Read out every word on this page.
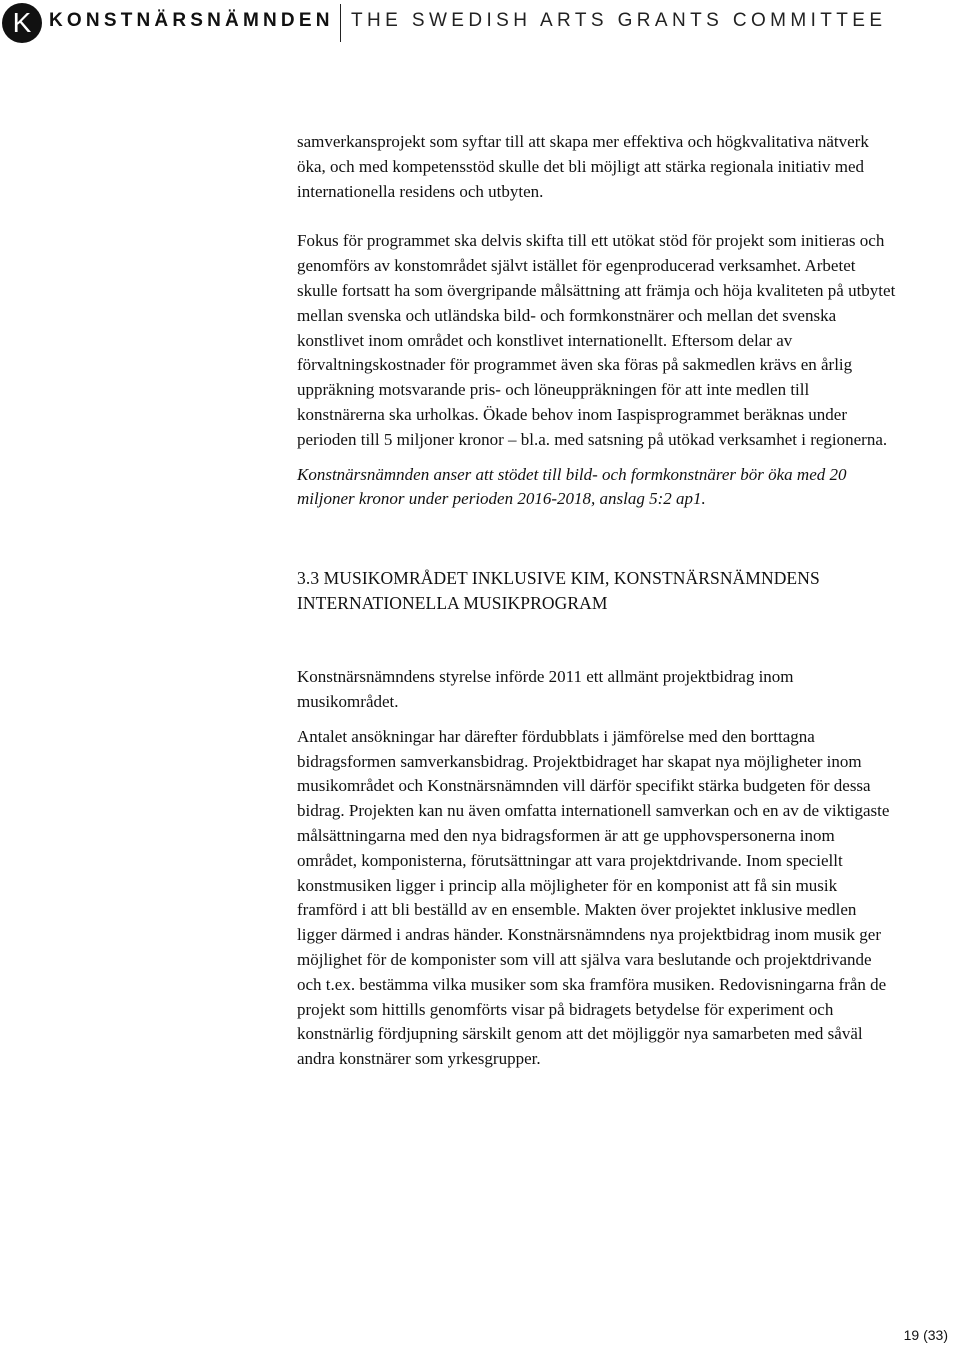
K KONSTNÄRSNÄMNDEN THE SWEDISH ARTS GRANTS COMMITTEE

samverkansprojekt som syftar till att skapa mer effektiva och högkvalitativa nätverk öka, och med kompetensstöd skulle det bli möjligt att stärka regionala initiativ med internationella residens och utbyten.

Fokus för programmet ska delvis skifta till ett utökat stöd för projekt som initieras och genomförs av konstområdet självt istället för egenproducerad verksamhet. Arbetet skulle fortsatt ha som övergripande målsättning att främja och höja kvaliteten på utbytet mellan svenska och utländska bild- och formkonstnärer och mellan det svenska konstlivet inom området och konstlivet internationellt. Eftersom delar av förvaltningskostnader för programmet även ska föras på sakmedlen krävs en årlig uppräkning motsvarande pris- och löneuppräkningen för att inte medlen till konstnärerna ska urholkas. Ökade behov inom Iaspisprogrammet beräknas under perioden till 5 miljoner kronor – bl.a. med satsning på utökad verksamhet i regionerna.

Konstnärsnämnden anser att stödet till bild- och formkonstnärer bör öka med 20 miljoner kronor under perioden 2016-2018, anslag 5:2 ap1.

3.3 MUSIKOMRÅDET INKLUSIVE KIM, KONSTNÄRSNÄMNDENS INTERNATIONELLA MUSIKPROGRAM

Konstnärsnämndens styrelse införde 2011 ett allmänt projektbidrag inom musikområdet.

Antalet ansökningar har därefter fördubblats i jämförelse med den borttagna bidragsformen samverkansbidrag. Projektbidraget har skapat nya möjligheter inom musikområdet och Konstnärsnämnden vill därför specifikt stärka budgeten för dessa bidrag. Projekten kan nu även omfatta internationell samverkan och en av de viktigaste målsättningarna med den nya bidragsformen är att ge upphovspersonerna inom området, komponisterna, förutsättningar att vara projektdrivande. Inom speciellt konstmusiken ligger i princip alla möjligheter för en komponist att få sin musik framförd i att bli beställd av en ensemble. Makten över projektet inklusive medlen ligger därmed i andras händer. Konstnärsnämndens nya projektbidrag inom musik ger möjlighet för de komponister som vill att själva vara beslutande och projektdrivande och t.ex. bestämma vilka musiker som ska framföra musiken. Redovisningarna från de projekt som hittills genomförts visar på bidragets betydelse för experiment och konstnärlig fördjupning särskilt genom att det möjliggör nya samarbeten med såväl andra konstnärer som yrkesgrupper.

19 (33)
